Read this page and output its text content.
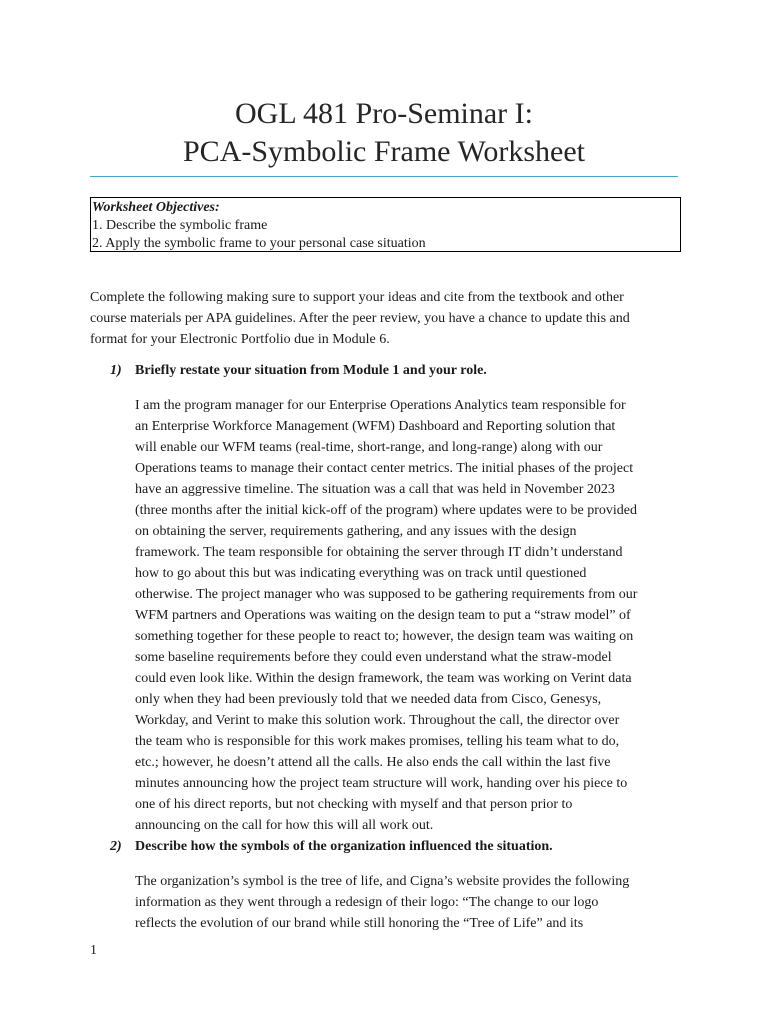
OGL 481 Pro-Seminar I:
PCA-Symbolic Frame Worksheet
Worksheet Objectives:
1. Describe the symbolic frame
2. Apply the symbolic frame to your personal case situation
Complete the following making sure to support your ideas and cite from the textbook and other
course materials per APA guidelines. After the peer review, you have a chance to update this and
format for your Electronic Portfolio due in Module 6.
1) Briefly restate your situation from Module 1 and your role.
I am the program manager for our Enterprise Operations Analytics team responsible for
an Enterprise Workforce Management (WFM) Dashboard and Reporting solution that
will enable our WFM teams (real-time, short-range, and long-range) along with our
Operations teams to manage their contact center metrics. The initial phases of the project
have an aggressive timeline. The situation was a call that was held in November 2023
(three months after the initial kick-off of the program) where updates were to be provided
on obtaining the server, requirements gathering, and any issues with the design
framework. The team responsible for obtaining the server through IT didn’t understand
how to go about this but was indicating everything was on track until questioned
otherwise. The project manager who was supposed to be gathering requirements from our
WFM partners and Operations was waiting on the design team to put a “straw model” of
something together for these people to react to; however, the design team was waiting on
some baseline requirements before they could even understand what the straw-model
could even look like. Within the design framework, the team was working on Verint data
only when they had been previously told that we needed data from Cisco, Genesys,
Workday, and Verint to make this solution work. Throughout the call, the director over
the team who is responsible for this work makes promises, telling his team what to do,
etc.; however, he doesn’t attend all the calls. He also ends the call within the last five
minutes announcing how the project team structure will work, handing over his piece to
one of his direct reports, but not checking with myself and that person prior to
announcing on the call for how this will all work out.
2) Describe how the symbols of the organization influenced the situation.
The organization’s symbol is the tree of life, and Cigna’s website provides the following
information as they went through a redesign of their logo: “The change to our logo
reflects the evolution of our brand while still honoring the “Tree of Life” and its
1
